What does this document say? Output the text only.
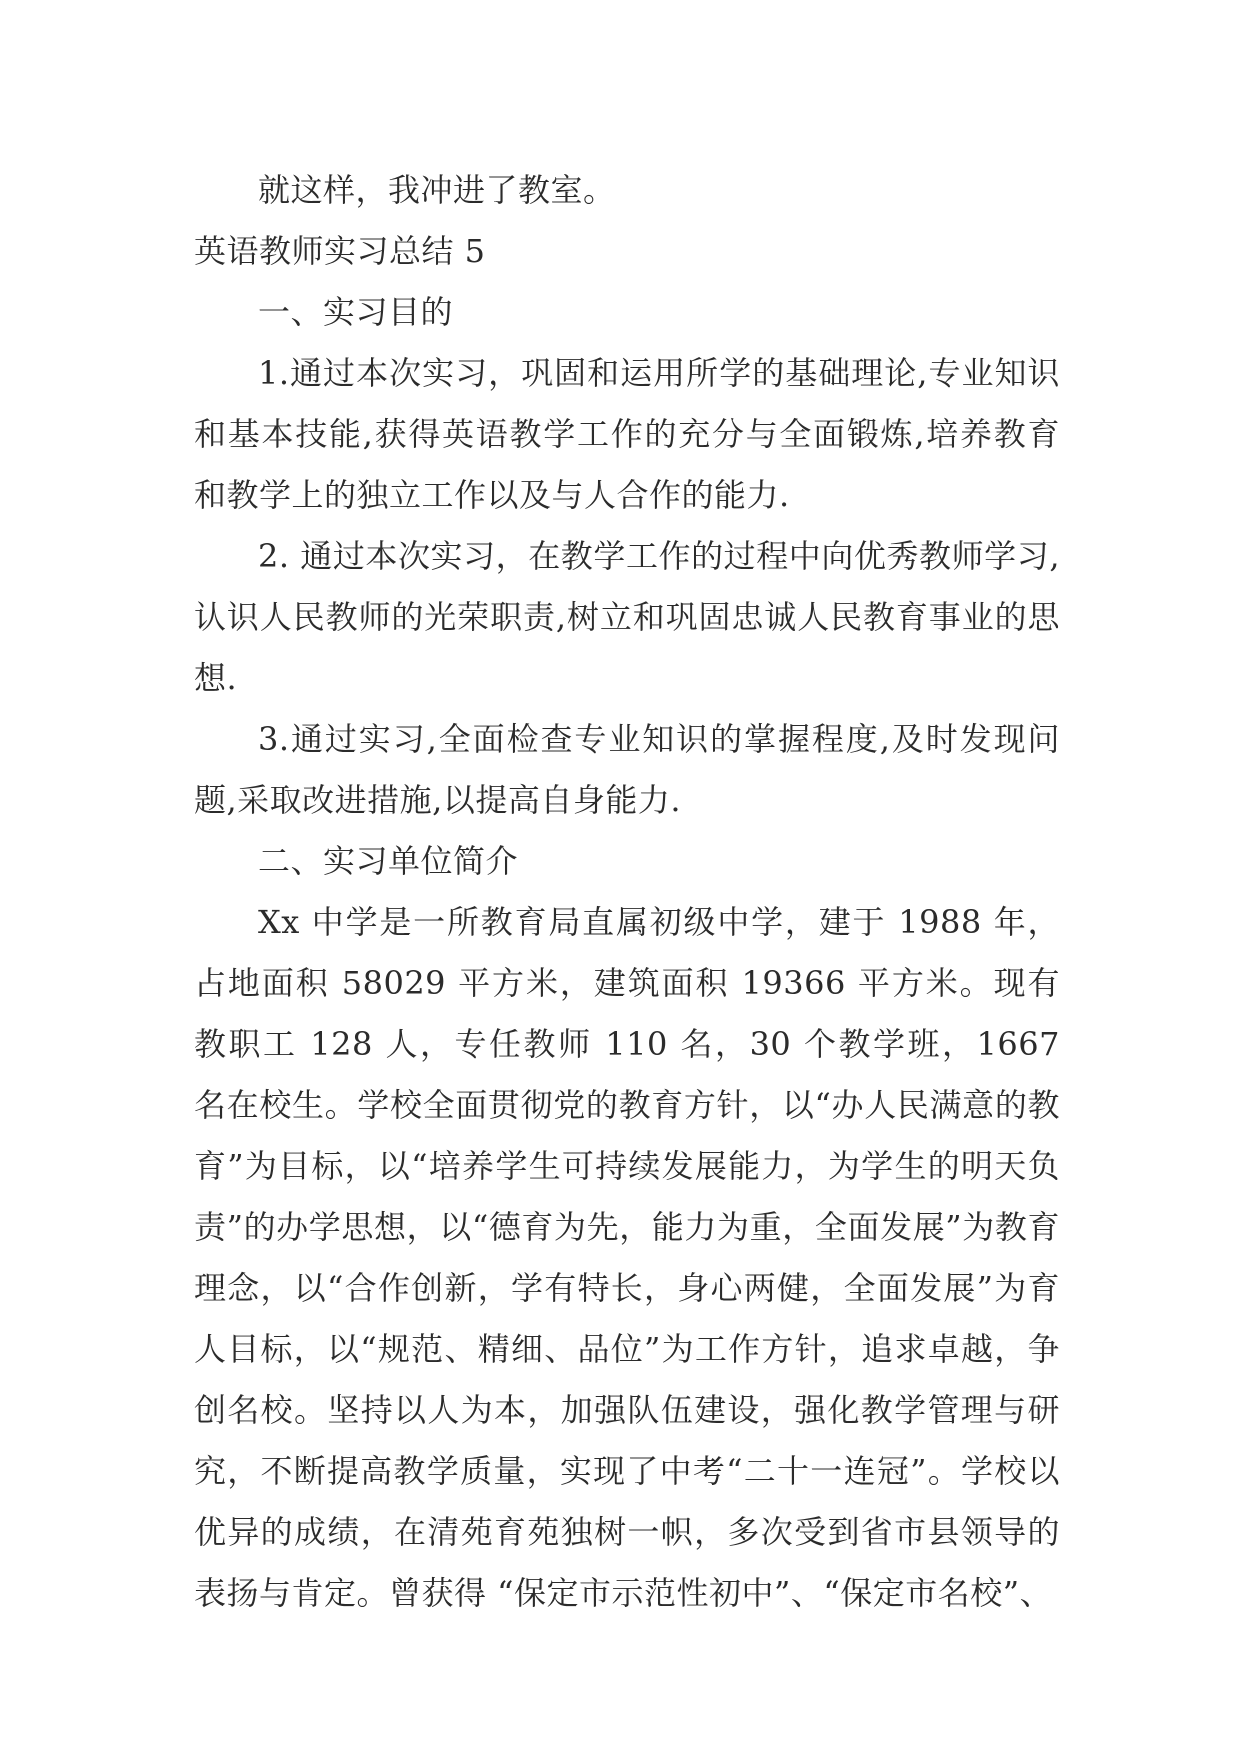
就这样，我冲进了教室。

英语教师实习总结 5

一、实习目的

1.通过本次实习，巩固和运用所学的基础理论,专业知识和基本技能,获得英语教学工作的充分与全面锻炼,培养教育和教学上的独立工作以及与人合作的能力.

2. 通过本次实习，在教学工作的过程中向优秀教师学习,认识人民教师的光荣职责,树立和巩固忠诚人民教育事业的思想.

3.通过实习,全面检查专业知识的掌握程度,及时发现问题,采取改进措施,以提高自身能力.

二、实习单位简介

Xx 中学是一所教育局直属初级中学，建于 1988 年，占地面积 58029 平方米，建筑面积 19366 平方米。现有教职工 128 人，专任教师 110 名，30 个教学班，1667 名在校生。学校全面贯彻党的教育方针，以“办人民满意的教育”为目标，以“培养学生可持续发展能力，为学生的明天负责”的办学思想，以“德育为先，能力为重，全面发展”为教育理念，以“合作创新，学有特长，身心两健，全面发展”为育人目标，以“规范、精细、品位”为工作方针，追求卓越，争创名校。坚持以人为本，加强队伍建设，强化教学管理与研究，不断提高教学质量，实现了中考“二十一连冠”。学校以优异的成绩，在清苑育苑独树一帜，多次受到省市县领导的表扬与肯定。曾获得 “保定市示范性初中”、“保定市名校”、
